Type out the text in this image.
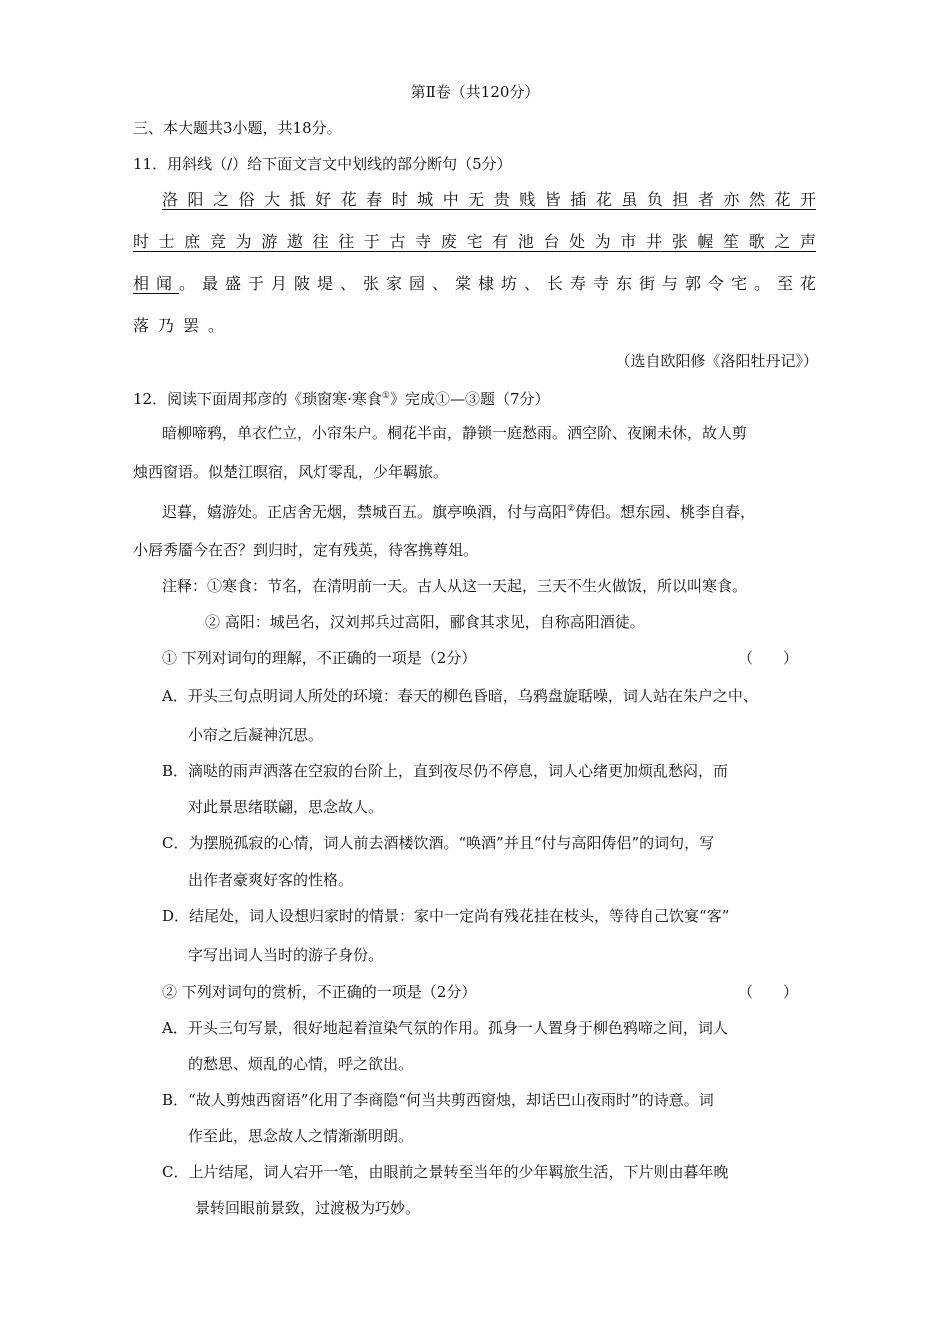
第Ⅱ卷（共120分）
三、本大题共3小题，共18分。
11．用斜线（/）给下面文言文中划线的部分断句（5分）
洛阳之俗大抵好花春时城中无贵贱皆插花虽负担者亦然花开
时士庶竞为游遨往往于古寺废宅有池台处为市井张幄笙歌之声
相闻。最盛于月陂堤、张家园、棠棣坊、长寿寺东街与郭令宅。至花
落乃罢。
（选自欧阳修《洛阳牡丹记》）
12．阅读下面周邦彦的《琐窗寒·寒食①》完成①—③题（7分）
暗柳啼鸦，单衣伫立，小帘朱户。桐花半亩，静锁一庭愁雨。洒空阶、夜阑未休，故人剪
烛西窗语。似楚江暝宿，风灯零乱，少年羁旅。
迟暮，嬉游处。正店舍无烟，禁城百五。旗亭唤酒，付与高阳②俦侣。想东园、桃李自春，
小唇秀靥今在否？到归时，定有残英，待客携尊俎。
注释：①寒食：节名，在清明前一天。古人从这一天起，三天不生火做饭，所以叫寒食。
② 高阳：城邑名，汉刘邦兵过高阳，郦食其求见，自称高阳酒徒。
① 下列对词句的理解，不正确的一项是（2分）	（　　）
A．开头三句点明词人所处的环境：春天的柳色昏暗，乌鸦盘旋聒噪，词人站在朱户之中、
小帘之后凝神沉思。
B．滴哒的雨声洒落在空寂的台阶上，直到夜尽仍不停息，词人心绪更加烦乱愁闷，而
对此景思绪联翩，思念故人。
C．为摆脱孤寂的心情，词人前去酒楼饮酒。“唤酒”并且“付与高阳俦侣”的词句，写
出作者豪爽好客的性格。
D．结尾处，词人设想归家时的情景：家中一定尚有残花挂在枝头，等待自己饮宴“客”
字写出词人当时的游子身份。
② 下列对词句的赏析，不正确的一项是（2分）	（　　）
A．开头三句写景，很好地起着渲染气氛的作用。孤身一人置身于柳色鸦啼之间，词人
的愁思、烦乱的心情，呼之欲出。
B．“故人剪烛西窗语”化用了李商隐“何当共剪西窗烛，却话巴山夜雨时”的诗意。词
作至此，思念故人之情渐渐明朗。
C．上片结尾，词人宕开一笔，由眼前之景转至当年的少年羁旅生活，下片则由暮年晚
景转回眼前景致，过渡极为巧妙。
